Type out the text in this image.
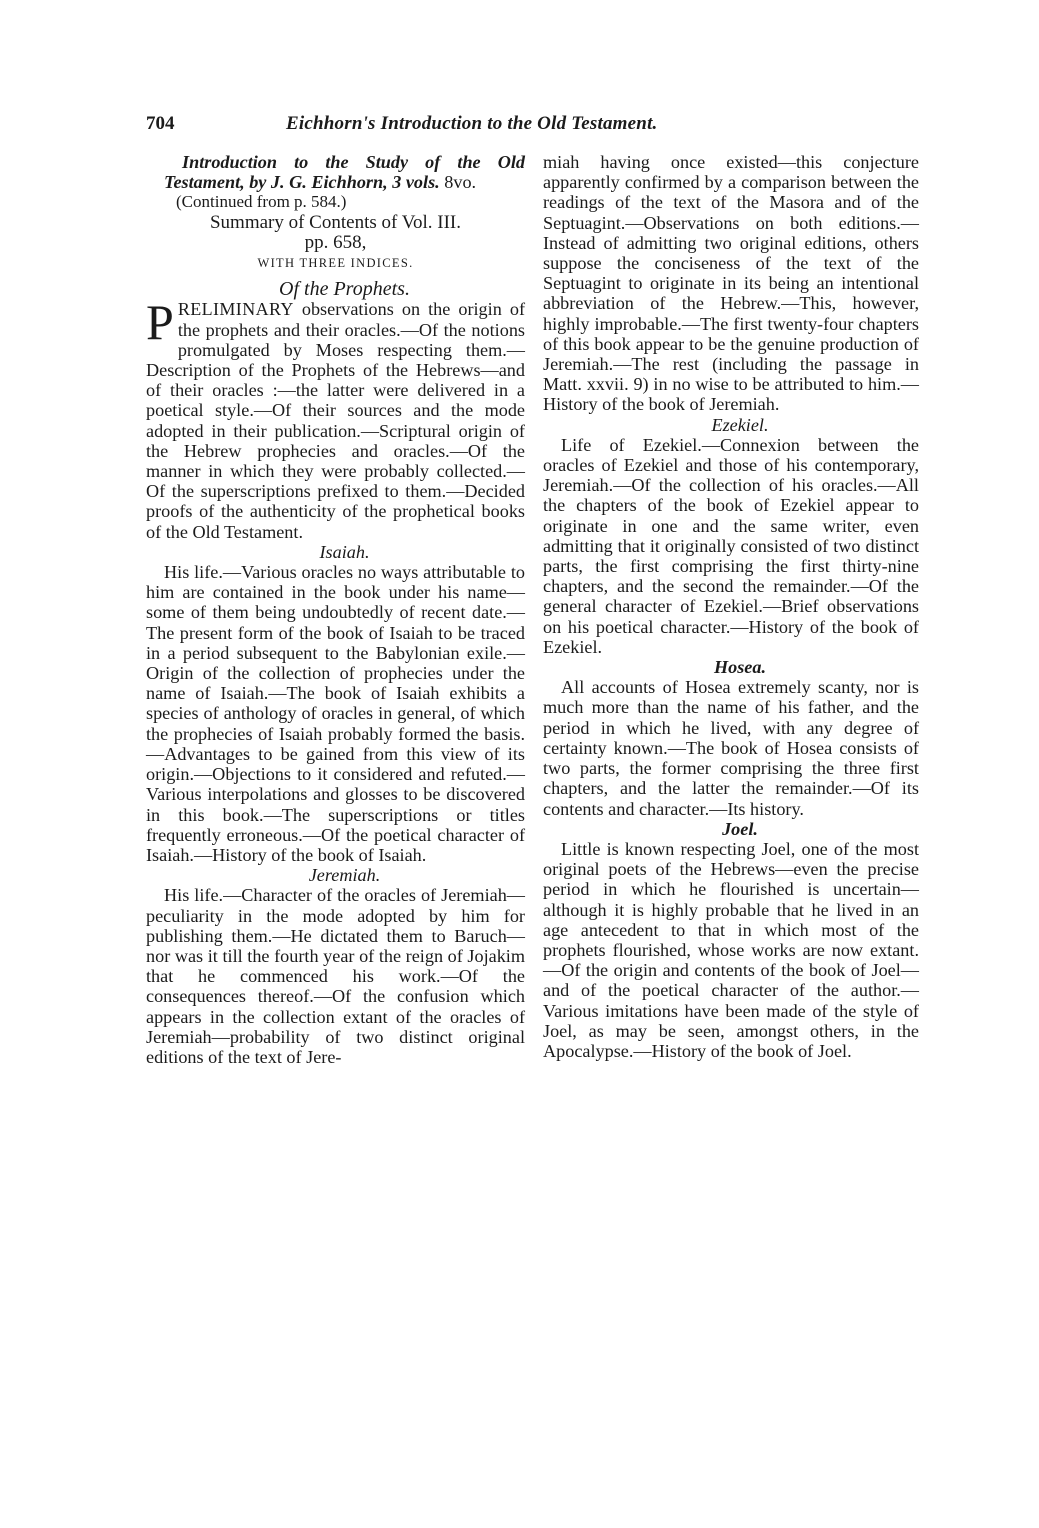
704	Eichhorn's Introduction to the Old Testament.

Introduction to the Study of the Old Testament, by J. G. Eichhorn, 3 vols. 8vo.

(Continued from p. 584.)

Summary of Contents of Vol. III.

pp. 658,

WITH THREE INDICES.

Of the Prophets.

PRELIMINARY observations on the origin of the prophets and their oracles.—Of the notions promulgated by Moses respecting them.—Description of the Prophets of the Hebrews—and of their oracles :—the latter were delivered in a poetical style.—Of their sources and the mode adopted in their publication.—Scriptural origin of the Hebrew prophecies and oracles.—Of the manner in which they were probably collected.—Of the superscriptions prefixed to them.—Decided proofs of the authenticity of the prophetical books of the Old Testament.

Isaiah.

His life.—Various oracles no ways attributable to him are contained in the book under his name—some of them being undoubtedly of recent date.—The present form of the book of Isaiah to be traced in a period subsequent to the Babylonian exile.—Origin of the collection of prophecies under the name of Isaiah.—The book of Isaiah exhibits a species of anthology of oracles in general, of which the prophecies of Isaiah probably formed the basis.—Advantages to be gained from this view of its origin.—Objections to it considered and refuted.—Various interpolations and glosses to be discovered in this book.—The superscriptions or titles frequently erroneous.—Of the poetical character of Isaiah.—History of the book of Isaiah.

Jeremiah.

His life.—Character of the oracles of Jeremiah—peculiarity in the mode adopted by him for publishing them.—He dictated them to Baruch—nor was it till the fourth year of the reign of Jojakim that he commenced his work.—Of the consequences thereof.—Of the confusion which appears in the collection extant of the oracles of Jeremiah—probability of two distinct original editions of the text of Jere-

miah having once existed—this conjecture apparently confirmed by a comparison between the readings of the text of the Masora and of the Septuagint.—Observations on both editions.—Instead of admitting two original editions, others suppose the conciseness of the text of the Septuagint to originate in its being an intentional abbreviation of the Hebrew.—This, however, highly improbable.—The first twenty-four chapters of this book appear to be the genuine production of Jeremiah.—The rest (including the passage in Matt. xxvii. 9) in no wise to be attributed to him.—History of the book of Jeremiah.

Ezekiel.

Life of Ezekiel.—Connexion between the oracles of Ezekiel and those of his contemporary, Jeremiah.—Of the collection of his oracles.—All the chapters of the book of Ezekiel appear to originate in one and the same writer, even admitting that it originally consisted of two distinct parts, the first comprising the first thirty-nine chapters, and the second the remainder.—Of the general character of Ezekiel.—Brief observations on his poetical character.—History of the book of Ezekiel.

Hosea.

All accounts of Hosea extremely scanty, nor is much more than the name of his father, and the period in which he lived, with any degree of certainty known.—The book of Hosea consists of two parts, the former comprising the three first chapters, and the latter the remainder.—Of its contents and character.—Its history.

Joel.

Little is known respecting Joel, one of the most original poets of the Hebrews—even the precise period in which he flourished is uncertain—although it is highly probable that he lived in an age antecedent to that in which most of the prophets flourished, whose works are now extant.—Of the origin and contents of the book of Joel—and of the poetical character of the author.—Various imitations have been made of the style of Joel, as may be seen, amongst others, in the Apocalypse.—History of the book of Joel.
